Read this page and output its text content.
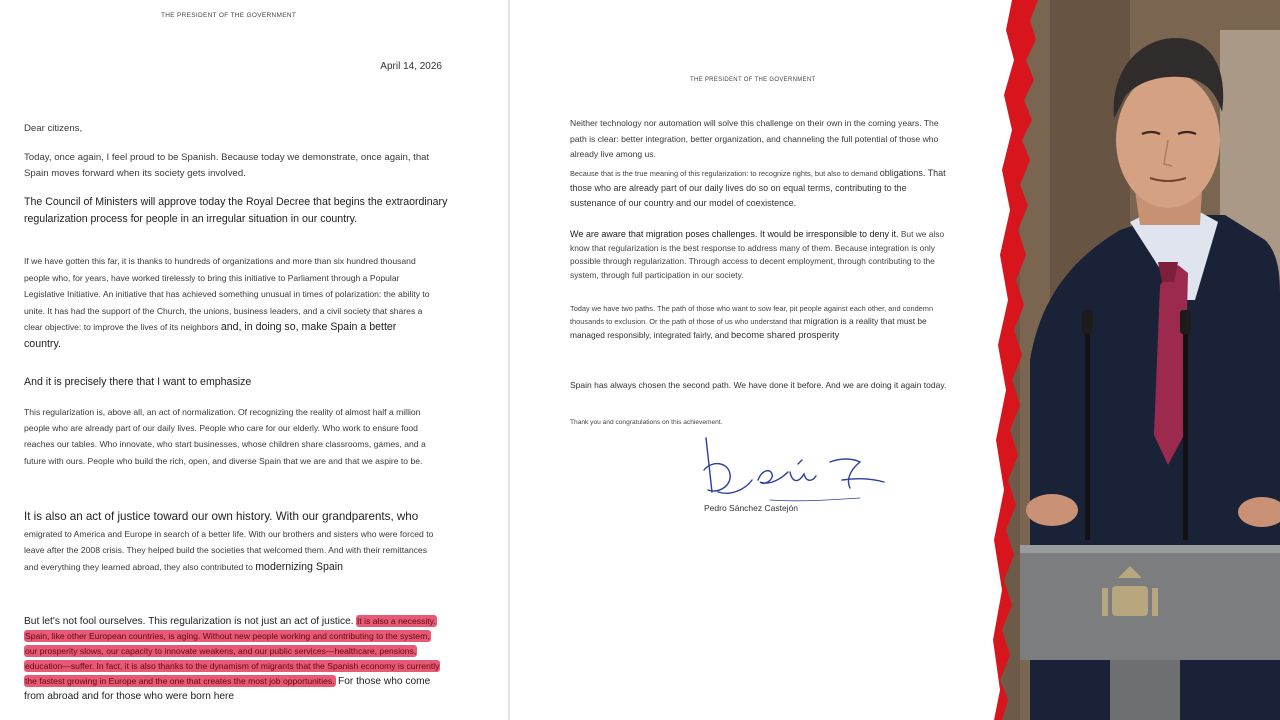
THE PRESIDENT OF THE GOVERNMENT
April 14, 2026

Dear citizens,

Today, once again, I feel proud to be Spanish. Because today we demonstrate, once again, that Spain moves forward when its society gets involved.

The Council of Ministers will approve today the Royal Decree that begins the extraordinary regularization process for people in an irregular situation in our country.

If we have gotten this far, it is thanks to hundreds of organizations and more than six hundred thousand people who, for years, have worked tirelessly to bring this initiative to Parliament through a Popular Legislative Initiative. An initiative that has achieved something unusual in times of polarization: the ability to unite. It has had the support of the Church, the unions, business leaders, and a civil society that shares a clear objective: to improve the lives of its neighbors and, in doing so, make Spain a better country.

And it is precisely there that I want to emphasize

This regularization is, above all, an act of normalization. Of recognizing the reality of almost half a million people who are already part of our daily lives. People who care for our elderly. Who work to ensure food reaches our tables. Who innovate, who start businesses, whose children share classrooms, games, and a future with ours. People who build the rich, open, and diverse Spain that we are and that we aspire to be.

It is also an act of justice toward our own history. With our grandparents, who emigrated to America and Europe in search of a better life. With our brothers and sisters who were forced to leave after the 2008 crisis. They helped build the societies that welcomed them. And with their remittances and everything they learned abroad, they also contributed to modernizing Spain

But let's not fool ourselves. This regularization is not just an act of justice. It is also a necessity. Spain, like other European countries, is aging. Without new people working and contributing to the system, our prosperity slows, our capacity to innovate weakens, and our public services—healthcare, pensions, education—suffer. In fact, it is also thanks to the dynamism of migrants that the Spanish economy is currently the fastest growing in Europe and the one that creates the most job opportunities. For those who come from abroad and for those who were born here

THE PRESIDENT OF THE GOVERNMENT

Neither technology nor automation will solve this challenge on their own in the coming years. The path is clear: better integration, better organization, and channeling the full potential of those who already live among us.

Because that is the true meaning of this regularization: to recognize rights, but also to demand obligations. That those who are already part of our daily lives do so on equal terms, contributing to the sustenance of our country and our model of coexistence.

We are aware that migration poses challenges. It would be irresponsible to deny it. But we also know that regularization is the best response to address many of them. Because integration is only possible through regularization. Through access to decent employment, through contributing to the system, through full participation in our society.

Today we have two paths. The path of those who want to sow fear, pit people against each other, and condemn thousands to exclusion. Or the path of those of us who understand that migration is a reality that must be managed responsibly, integrated fairly, and become shared prosperity

Spain has always chosen the second path. We have done it before. And we are doing it again today.

Thank you and congratulations on this achievement.

Pedro Sánchez Castejón
